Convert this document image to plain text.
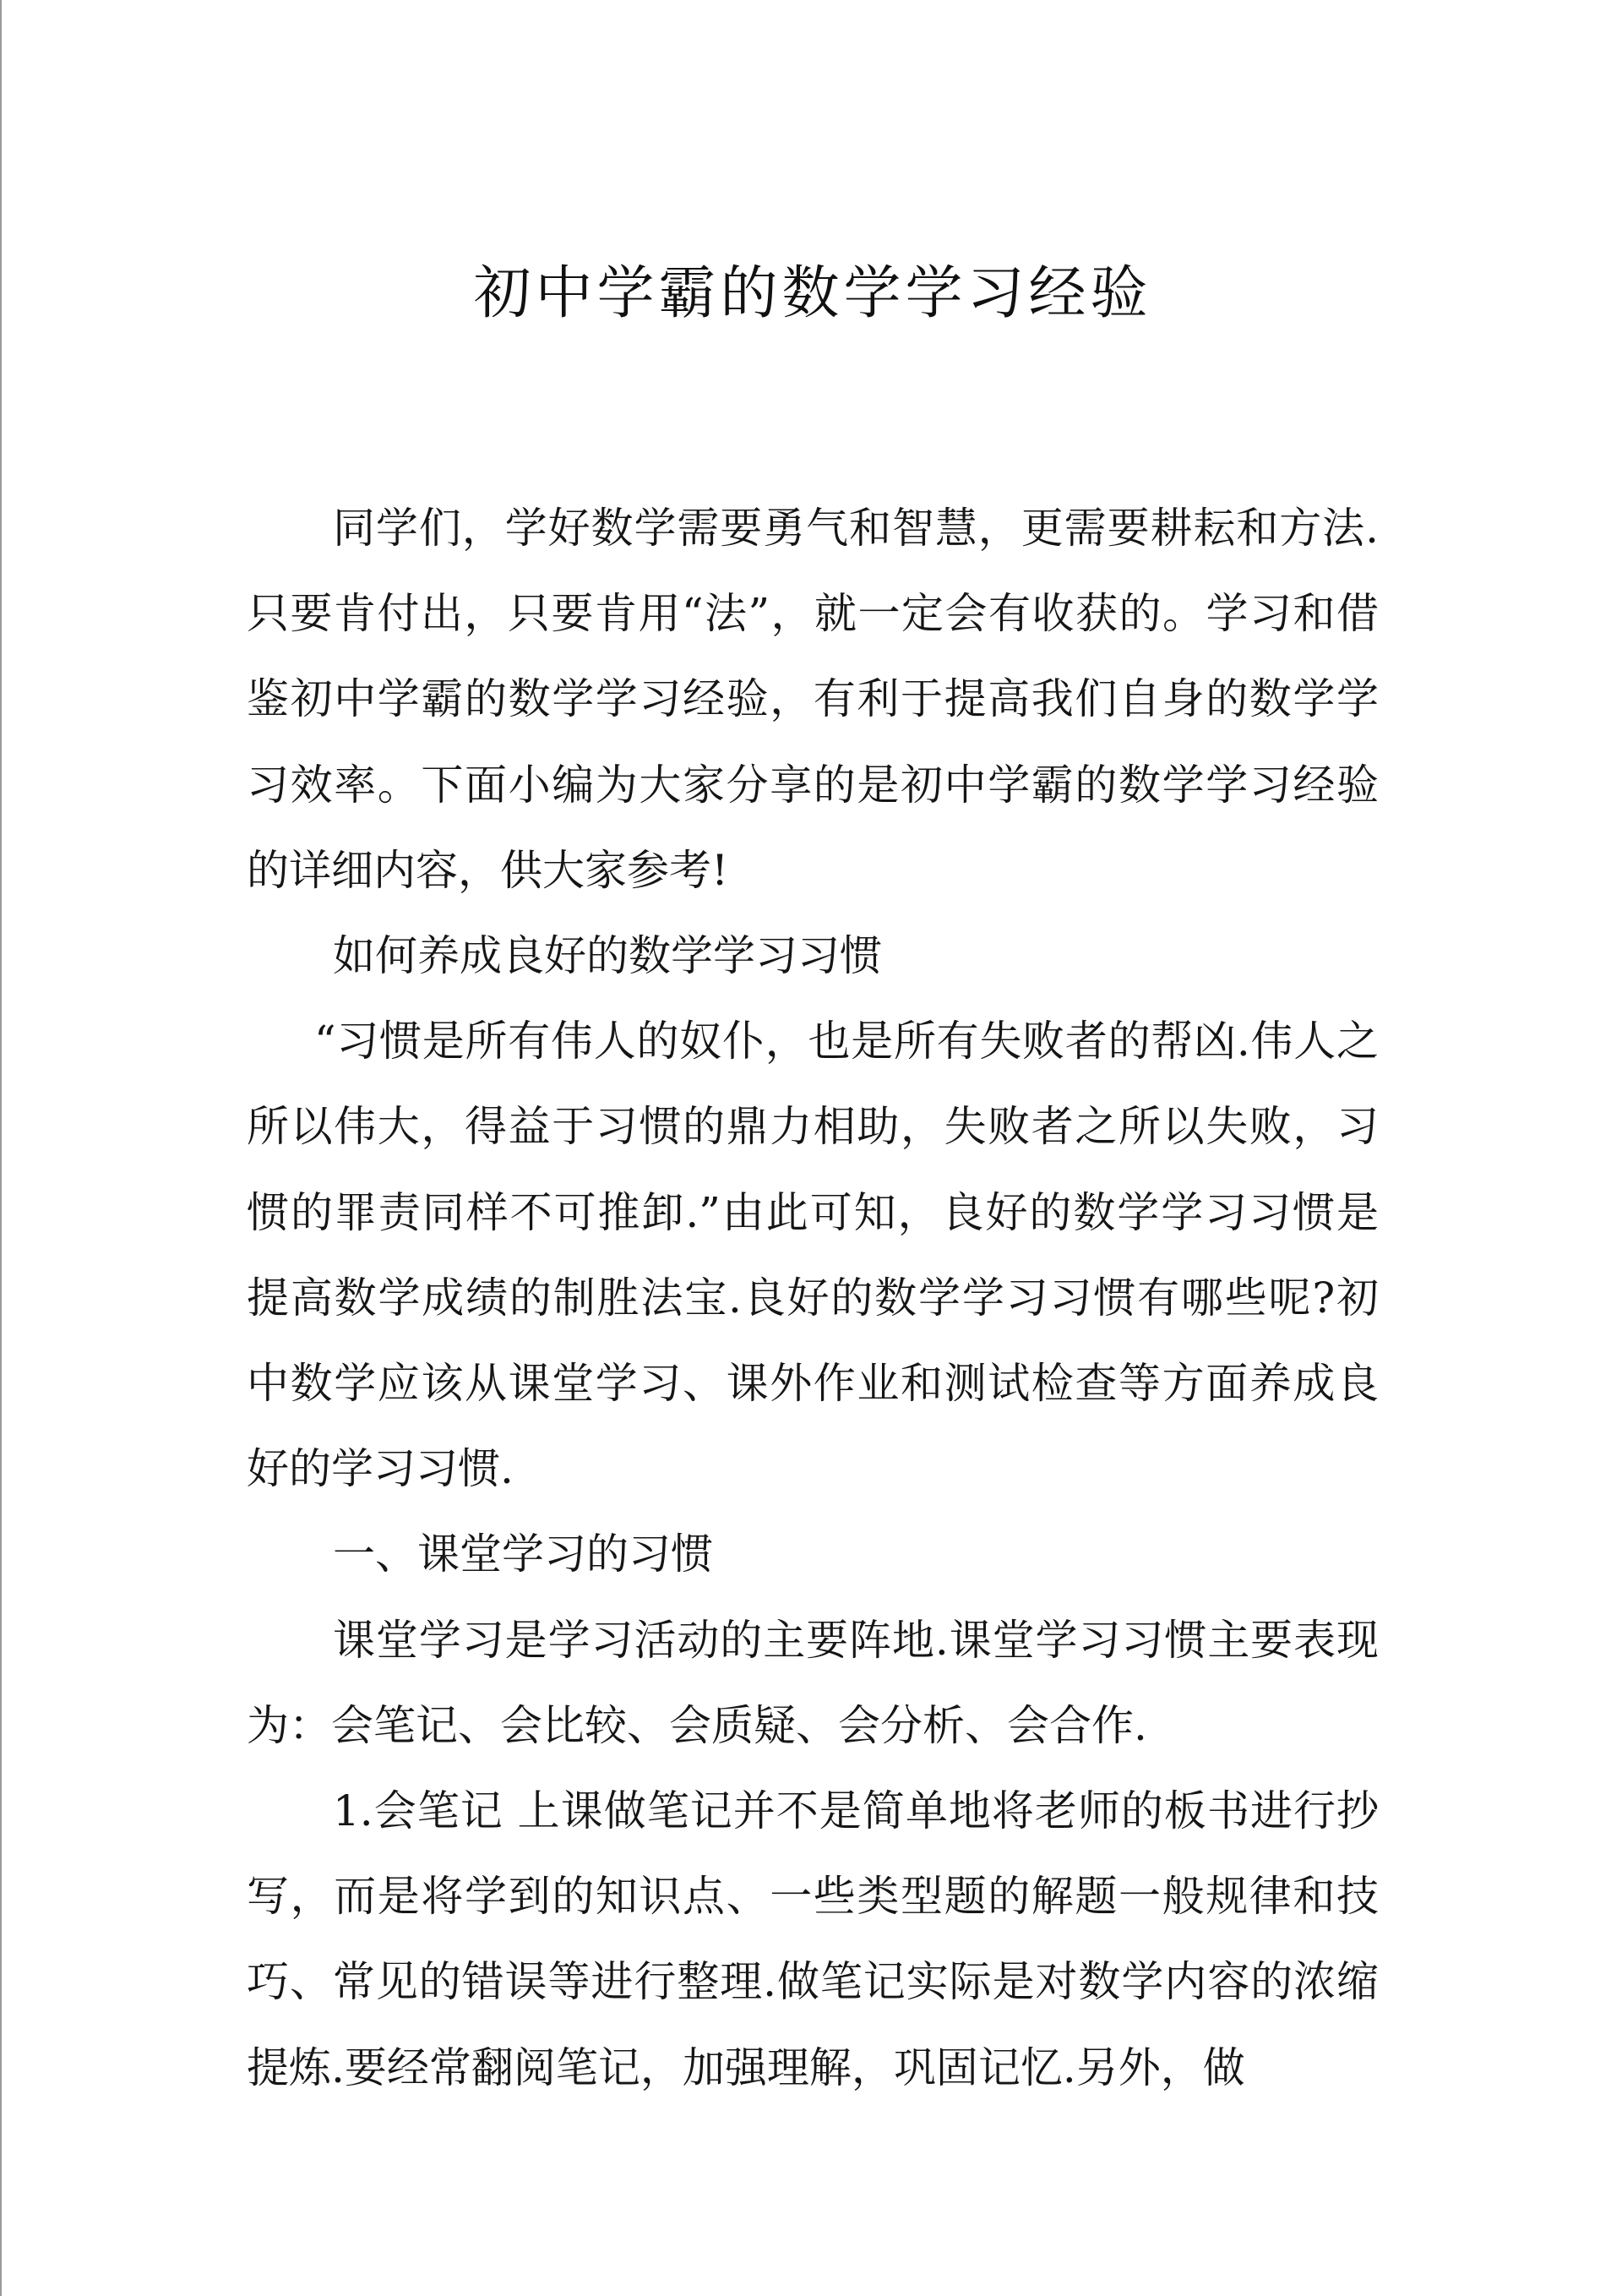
初中学霸的数学学习经验

同学们，学好数学需要勇气和智慧，更需要耕耘和方法.只要肯付出，只要肯用“法”，就一定会有收获的。学习和借鉴初中学霸的数学学习经验，有利于提高我们自身的数学学习效率。下面小编为大家分享的是初中学霸的数学学习经验的详细内容，供大家参考!

如何养成良好的数学学习习惯

“习惯是所有伟人的奴仆，也是所有失败者的帮凶.伟人之所以伟大，得益于习惯的鼎力相助，失败者之所以失败，习惯的罪责同样不可推卸.”由此可知，良好的数学学习习惯是提高数学成绩的制胜法宝.良好的数学学习习惯有哪些呢?初中数学应该从课堂学习、课外作业和测试检查等方面养成良好的学习习惯.

一、课堂学习的习惯

课堂学习是学习活动的主要阵地.课堂学习习惯主要表现为：会笔记、会比较、会质疑、会分析、会合作.

1.会笔记 上课做笔记并不是简单地将老师的板书进行抄写，而是将学到的知识点、一些类型题的解题一般规律和技巧、常见的错误等进行整理.做笔记实际是对数学内容的浓缩提炼.要经常翻阅笔记，加强理解，巩固记忆.另外，做
